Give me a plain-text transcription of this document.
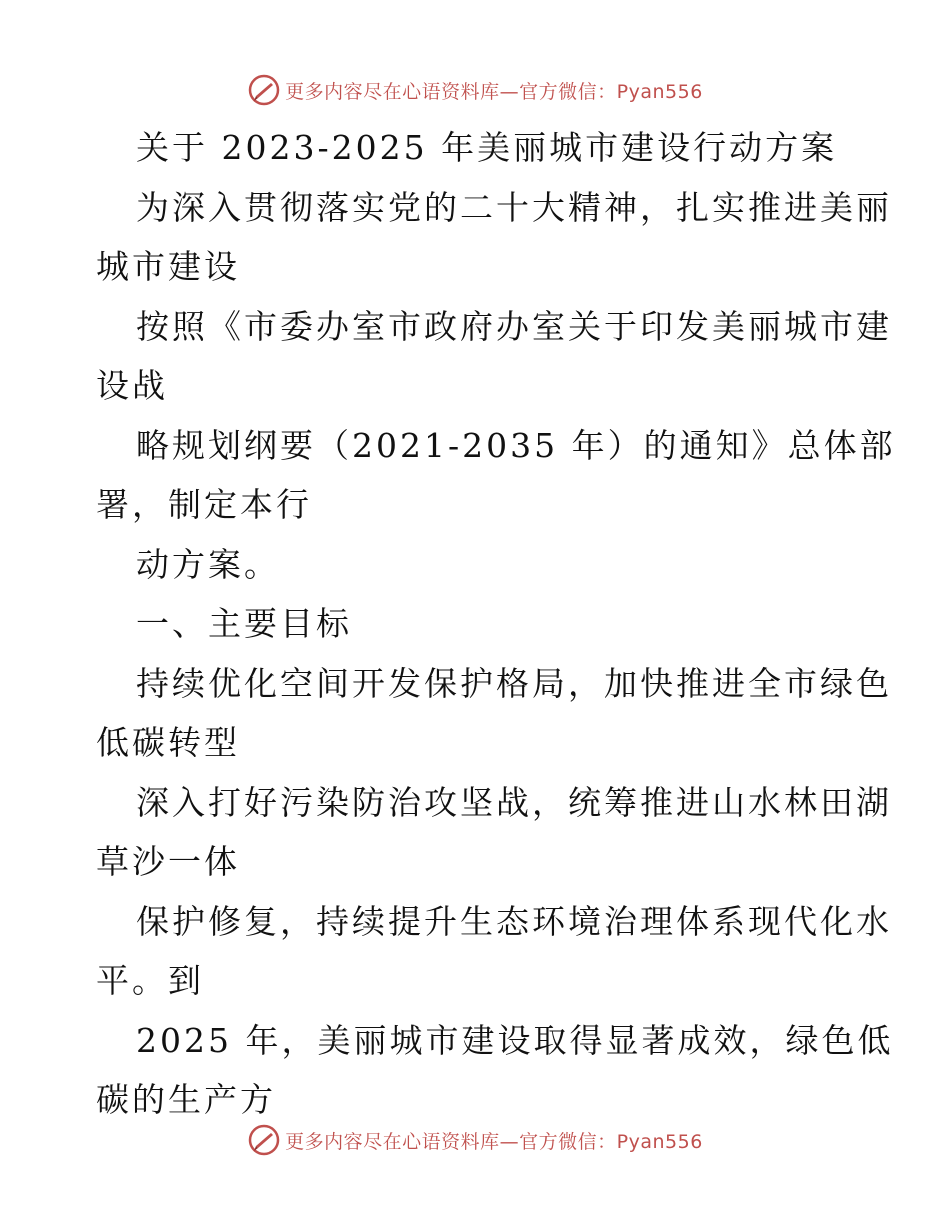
更多内容尽在心语资料库—官方微信：Pyan556
关于 2023-2025 年美丽城市建设行动方案
为深入贯彻落实党的二十大精神，扎实推进美丽
城市建设
按照《市委办室市政府办室关于印发美丽城市建
设战
略规划纲要（2021-2035 年）的通知》总体部
署，制定本行
动方案。
一、主要目标
持续优化空间开发保护格局，加快推进全市绿色
低碳转型
深入打好污染防治攻坚战，统筹推进山水林田湖
草沙一体
保护修复，持续提升生态环境治理体系现代化水
平。到
2025 年，美丽城市建设取得显著成效，绿色低
碳的生产方
更多内容尽在心语资料库—官方微信：Pyan556
